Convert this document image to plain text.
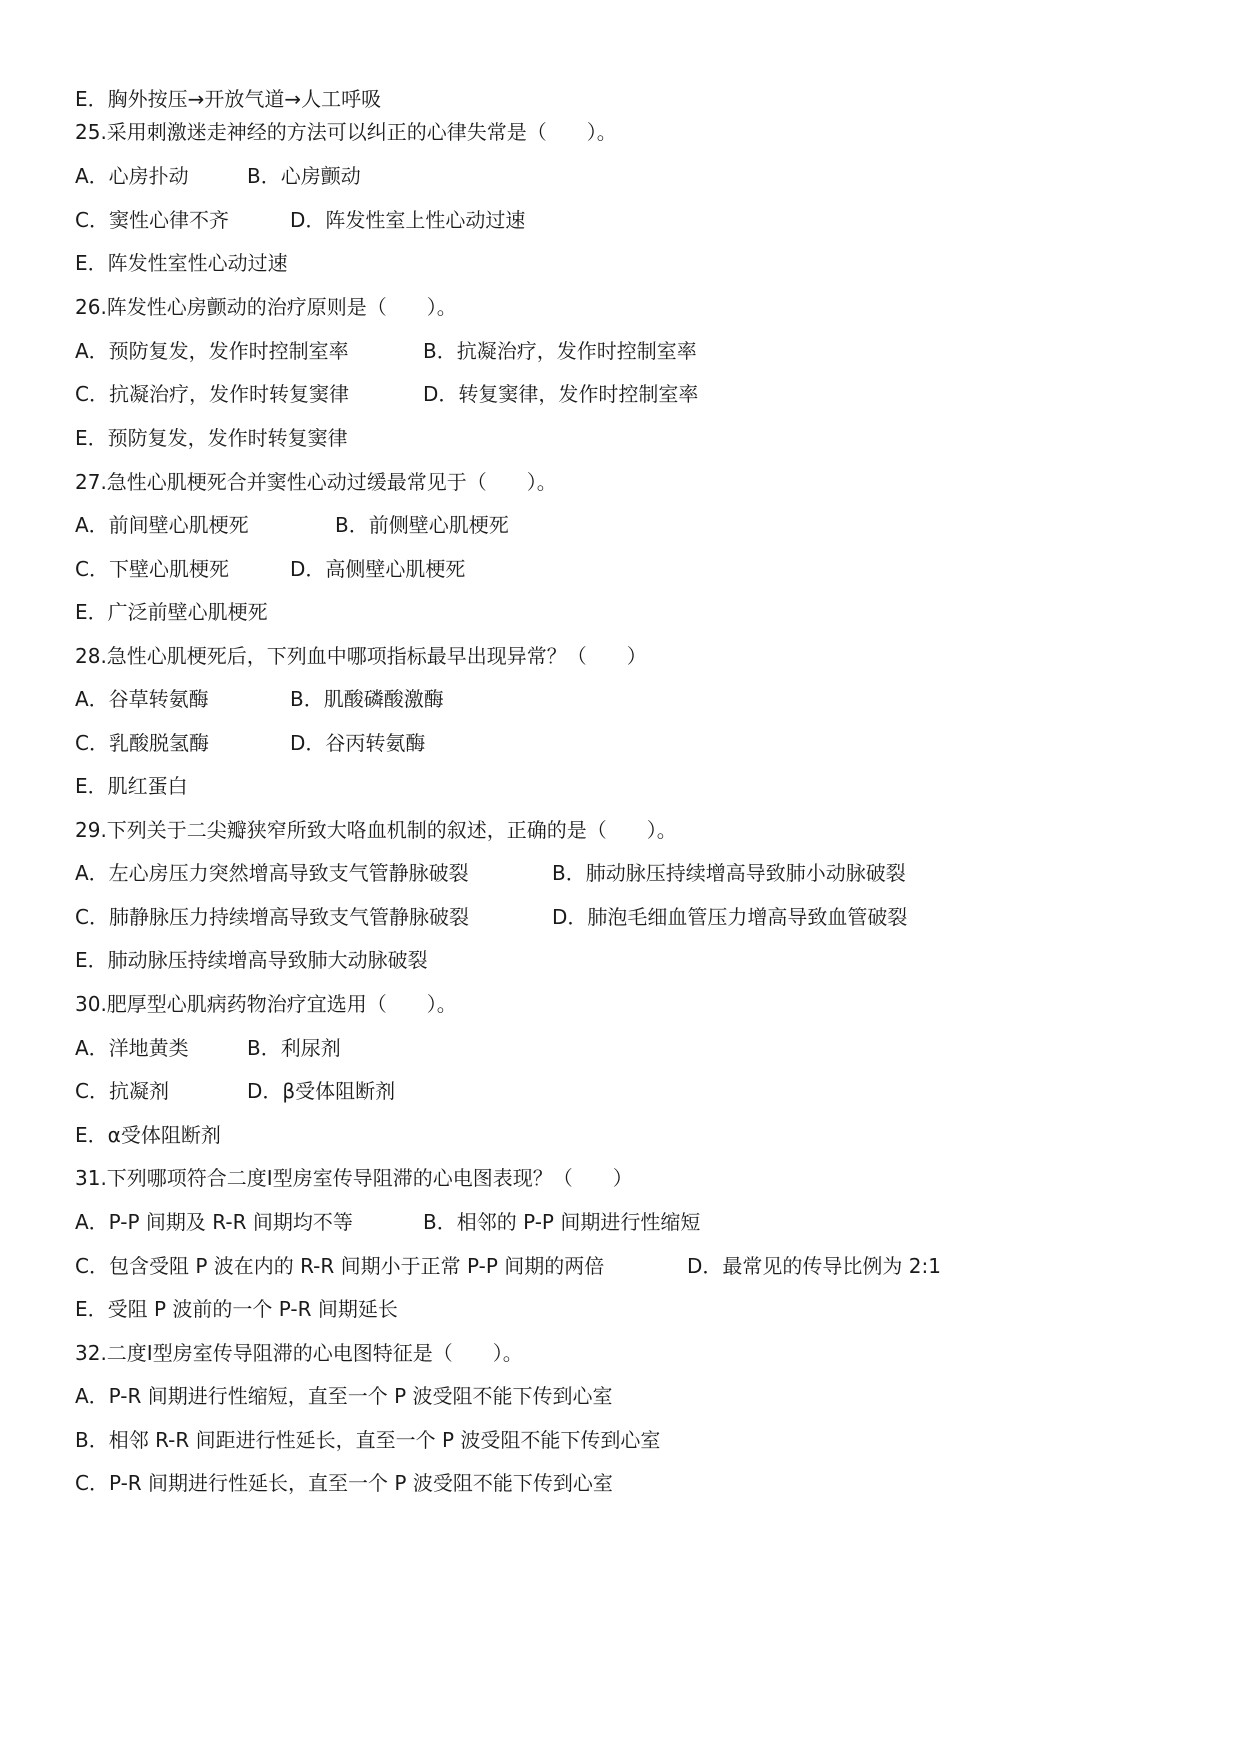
E．胸外按压→开放气道→人工呼吸
25.采用刺激迷走神经的方法可以纠正的心律失常是（　　）。
A．心房扑动	B．心房颤动
C．窦性心律不齐	D．阵发性室上性心动过速
E．阵发性室性心动过速
26.阵发性心房颤动的治疗原则是（　　）。
A．预防复发，发作时控制室率	B．抗凝治疗，发作时控制室率
C．抗凝治疗，发作时转复窦律	D．转复窦律，发作时控制室率
E．预防复发，发作时转复窦律
27.急性心肌梗死合并窦性心动过缓最常见于（　　）。
A．前间壁心肌梗死	B．前侧壁心肌梗死
C．下壁心肌梗死	D．高侧壁心肌梗死
E．广泛前壁心肌梗死
28.急性心肌梗死后，下列血中哪项指标最早出现异常？（　　）
A．谷草转氨酶	B．肌酸磷酸激酶
C．乳酸脱氢酶	D．谷丙转氨酶
E．肌红蛋白
29.下列关于二尖瓣狭窄所致大咯血机制的叙述，正确的是（　　）。
A．左心房压力突然增高导致支气管静脉破裂	B．肺动脉压持续增高导致肺小动脉破裂
C．肺静脉压力持续增高导致支气管静脉破裂	D．肺泡毛细血管压力增高导致血管破裂
E．肺动脉压持续增高导致肺大动脉破裂
30.肥厚型心肌病药物治疗宜选用（　　）。
A．洋地黄类	B．利尿剂
C．抗凝剂	D．β受体阻断剂
E．α受体阻断剂
31.下列哪项符合二度Ⅰ型房室传导阻滞的心电图表现？（　　）
A．P-P 间期及 R-R 间期均不等	B．相邻的 P-P 间期进行性缩短
C．包含受阻 P 波在内的 R-R 间期小于正常 P-P 间期的两倍	D．最常见的传导比例为 2:1
E．受阻 P 波前的一个 P-R 间期延长
32.二度Ⅰ型房室传导阻滞的心电图特征是（　　）。
A．P-R 间期进行性缩短，直至一个 P 波受阻不能下传到心室
B．相邻 R-R 间距进行性延长，直至一个 P 波受阻不能下传到心室
C．P-R 间期进行性延长，直至一个 P 波受阻不能下传到心室
